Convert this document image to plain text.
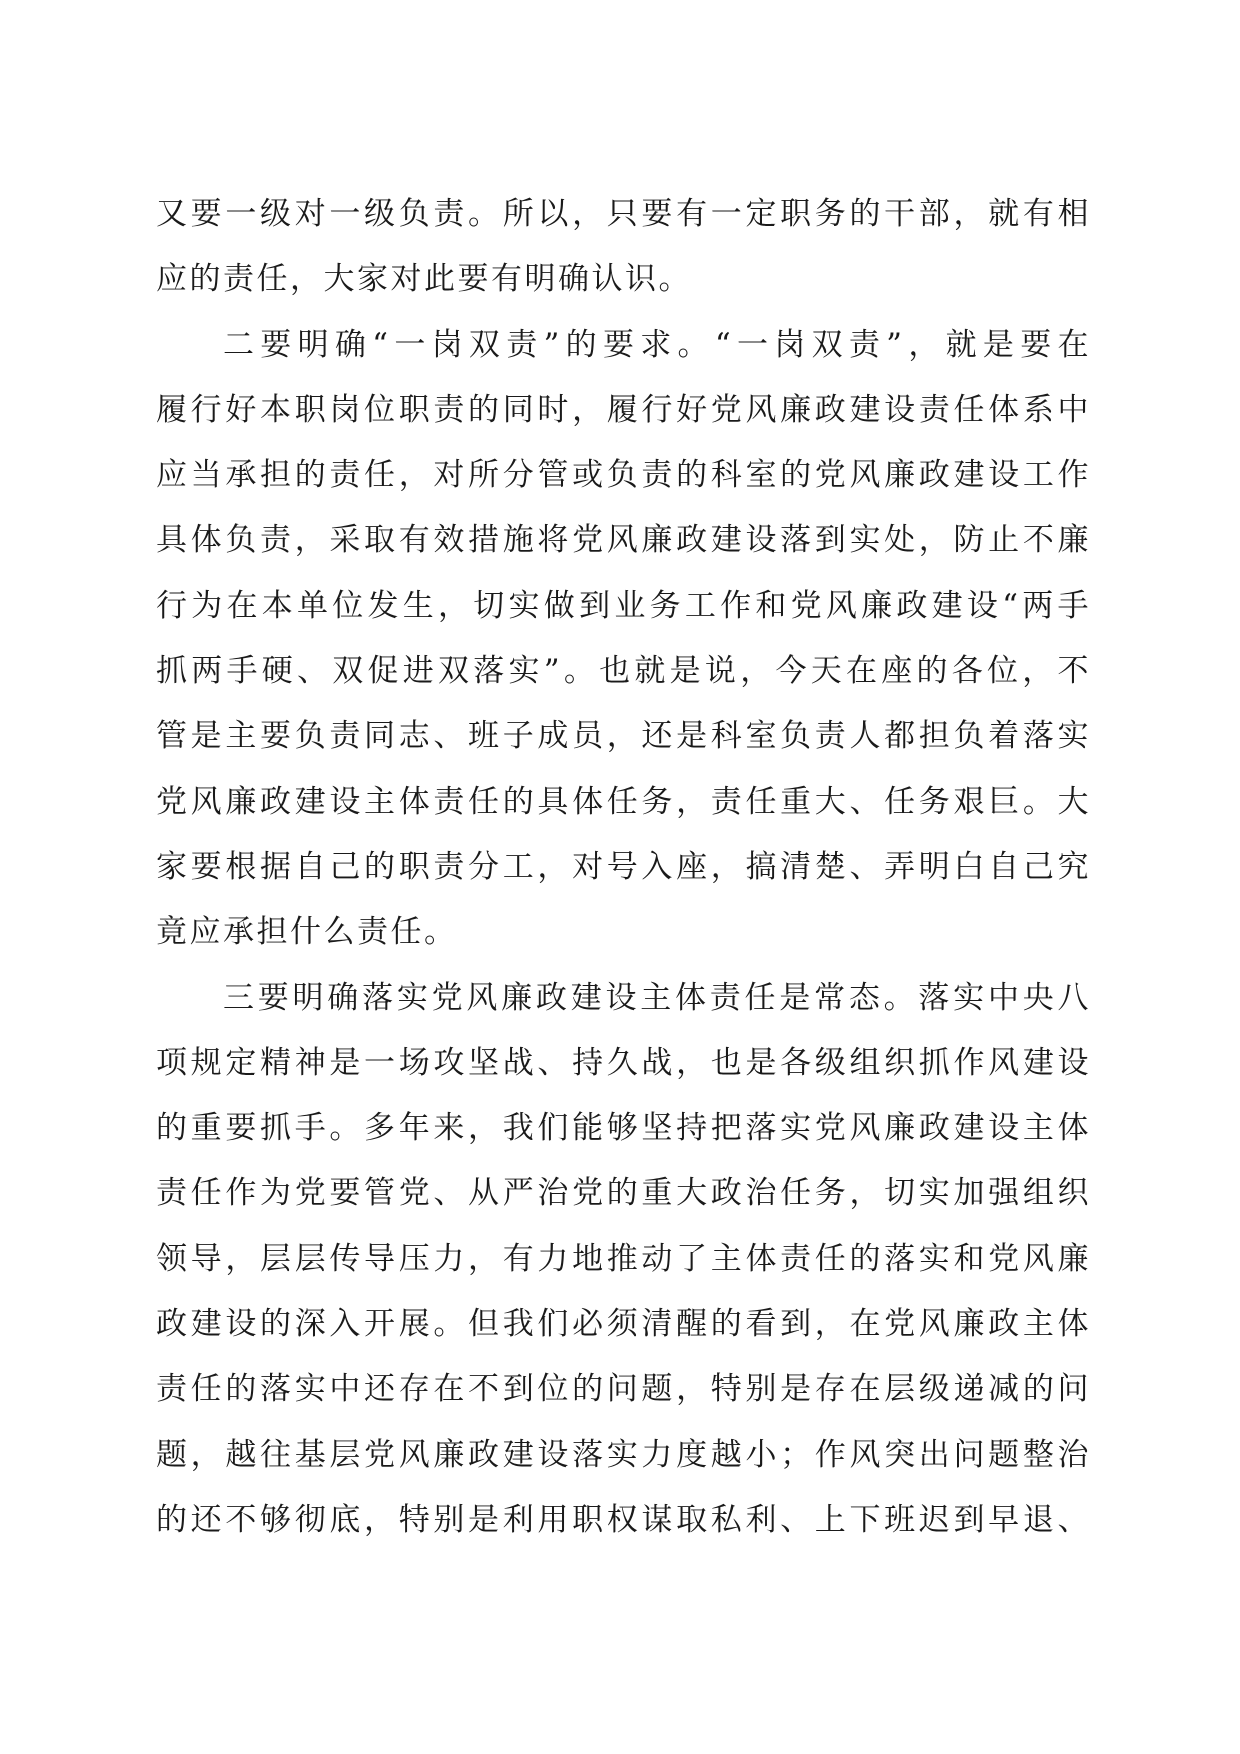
又要一级对一级负责。所以，只要有一定职务的干部，就有相
应的责任，大家对此要有明确认识。
二要明确“一岗双责”的要求。“一岗双责”，就是要在
履行好本职岗位职责的同时，履行好党风廉政建设责任体系中
应当承担的责任，对所分管或负责的科室的党风廉政建设工作
具体负责，采取有效措施将党风廉政建设落到实处，防止不廉
行为在本单位发生，切实做到业务工作和党风廉政建设“两手
抓两手硬、双促进双落实”。也就是说，今天在座的各位，不
管是主要负责同志、班子成员，还是科室负责人都担负着落实
党风廉政建设主体责任的具体任务，责任重大、任务艰巨。大
家要根据自己的职责分工，对号入座，搞清楚、弄明白自己究
竟应承担什么责任。
三要明确落实党风廉政建设主体责任是常态。落实中央八
项规定精神是一场攻坚战、持久战，也是各级组织抓作风建设
的重要抓手。多年来，我们能够坚持把落实党风廉政建设主体
责任作为党要管党、从严治党的重大政治任务，切实加强组织
领导，层层传导压力，有力地推动了主体责任的落实和党风廉
政建设的深入开展。但我们必须清醒的看到，在党风廉政主体
责任的落实中还存在不到位的问题，特别是存在层级递减的问
题，越往基层党风廉政建设落实力度越小；作风突出问题整治
的还不够彻底，特别是利用职权谋取私利、上下班迟到早退、
